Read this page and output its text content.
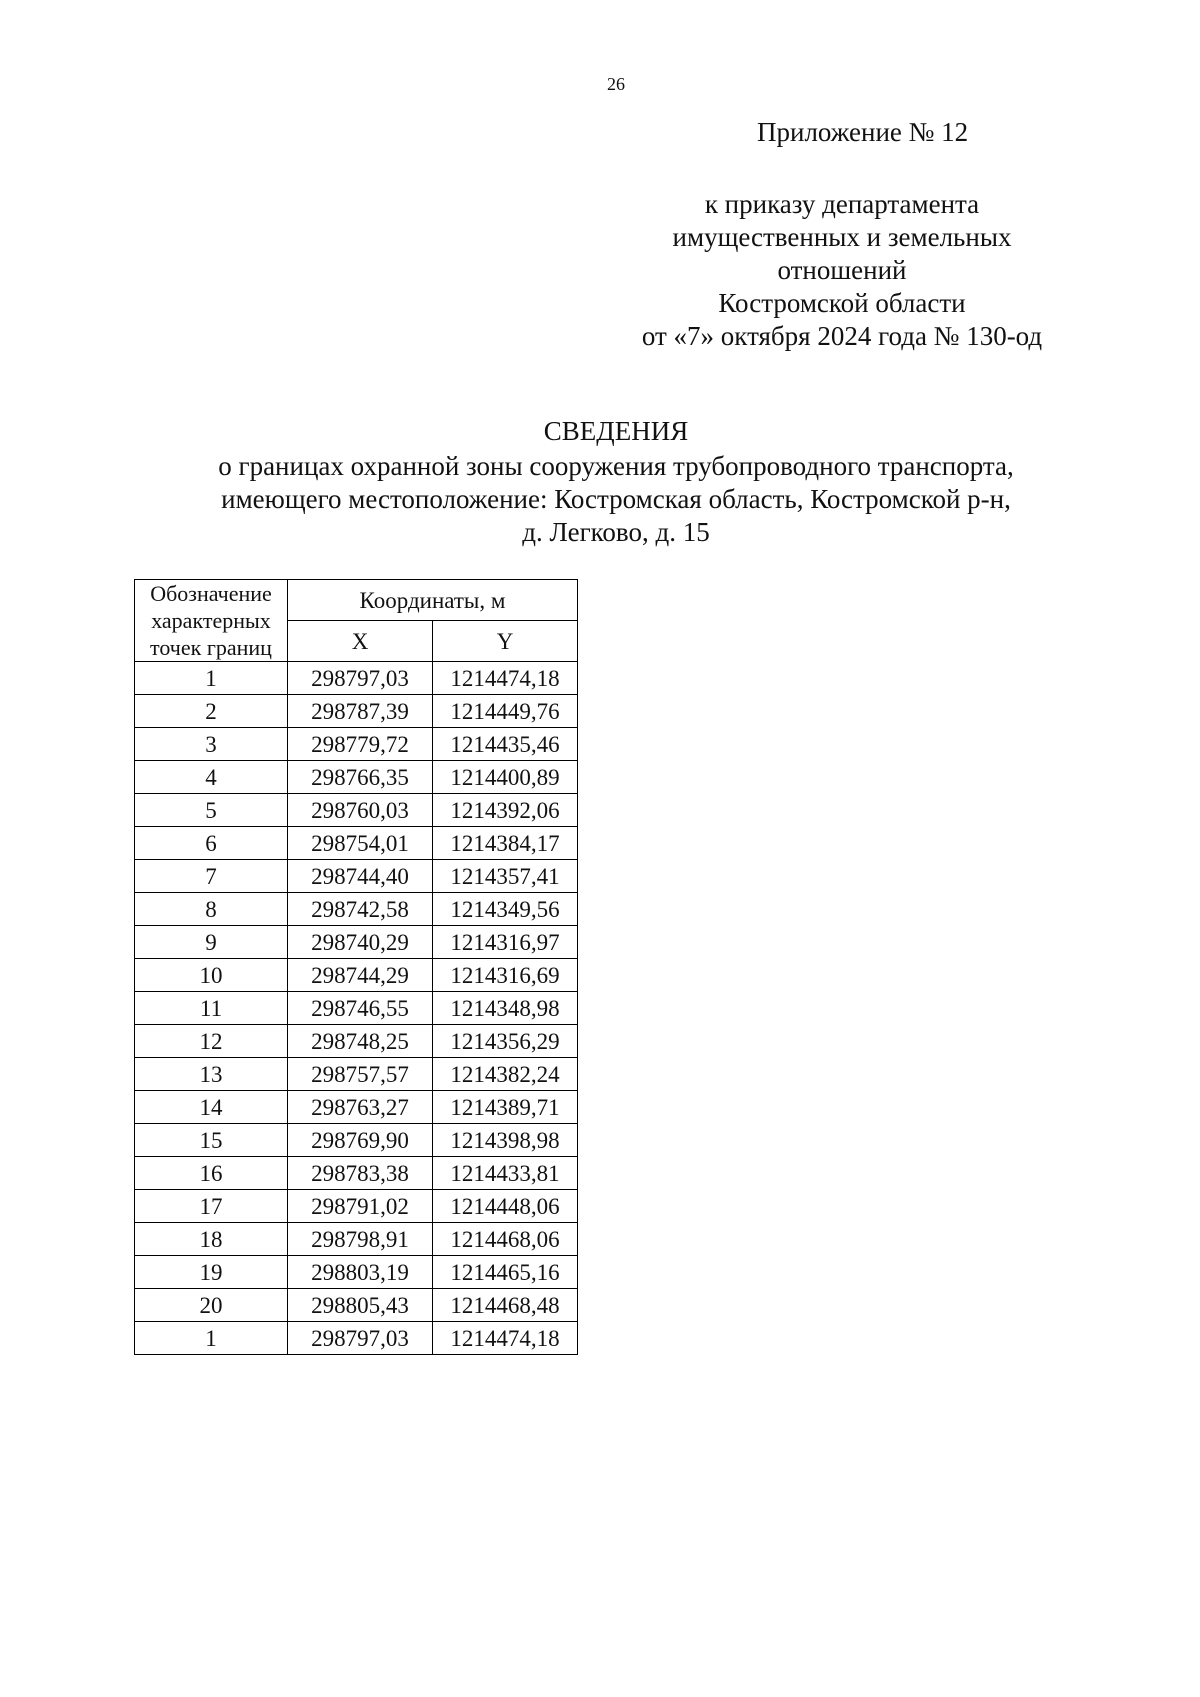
26
Приложение № 12
к приказу департамента
имущественных и земельных
отношений
Костромской области
от «7» октября 2024 года № 130-од
СВЕДЕНИЯ
о границах охранной зоны сооружения трубопроводного транспорта,
имеющего местоположение: Костромская область, Костромской р-н,
д. Легково, д. 15
Обозначение характерных точек границ	Координаты, м	
	X	Y
1	298797,03	1214474,18
2	298787,39	1214449,76
3	298779,72	1214435,46
4	298766,35	1214400,89
5	298760,03	1214392,06
6	298754,01	1214384,17
7	298744,40	1214357,41
8	298742,58	1214349,56
9	298740,29	1214316,97
10	298744,29	1214316,69
11	298746,55	1214348,98
12	298748,25	1214356,29
13	298757,57	1214382,24
14	298763,27	1214389,71
15	298769,90	1214398,98
16	298783,38	1214433,81
17	298791,02	1214448,06
18	298798,91	1214468,06
19	298803,19	1214465,16
20	298805,43	1214468,48
1	298797,03	1214474,18
